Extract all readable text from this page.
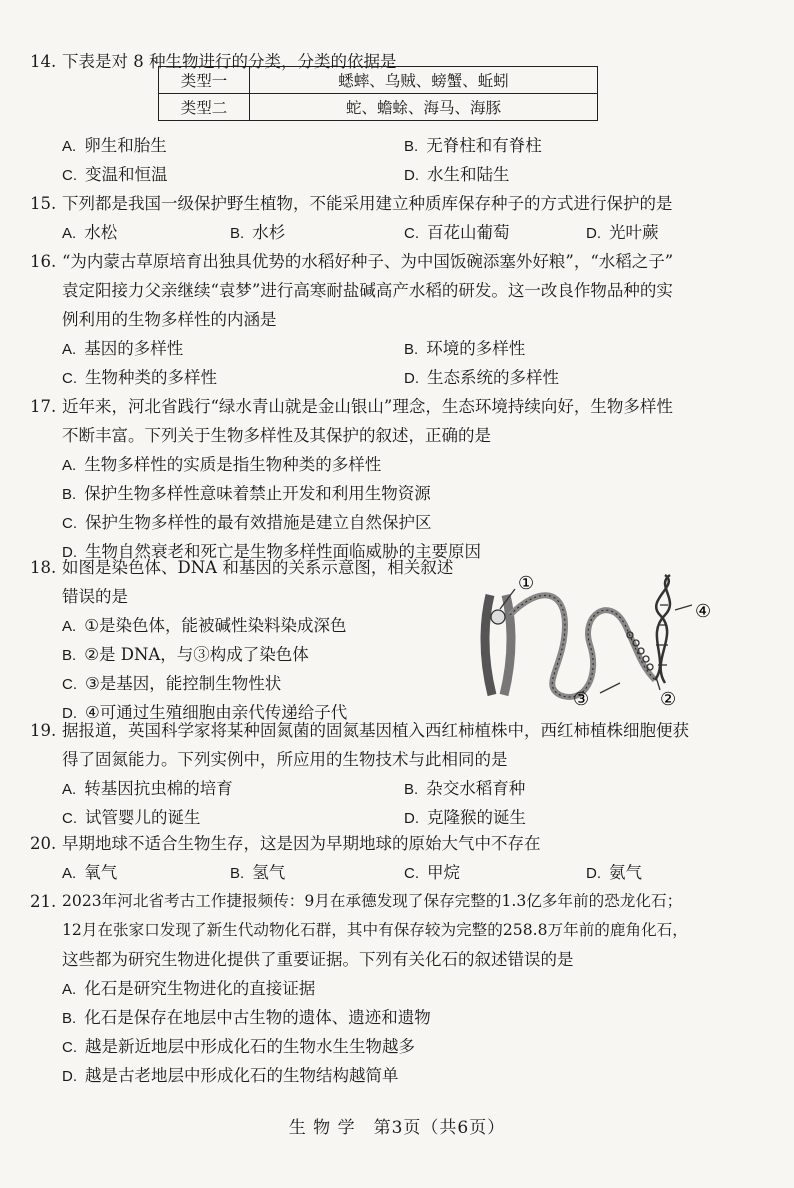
14. 下表是对 8 种生物进行的分类，分类的依据是
类型一	蟋蟀、乌贼、螃蟹、蚯蚓
类型二	蛇、蟾蜍、海马、海豚
A. 卵生和胎生	B. 无脊柱和有脊柱
C. 变温和恒温	D. 水生和陆生
15. 下列都是我国一级保护野生植物，不能采用建立种质库保存种子的方式进行保护的是
A. 水松	B. 水杉	C. 百花山葡萄	D. 光叶蕨
16. “为内蒙古草原培育出独具优势的水稻好种子、为中国饭碗添塞外好粮”，“水稻之子”
袁定阳接力父亲继续“袁梦”进行高寒耐盐碱高产水稻的研发。这一改良作物品种的实
例利用的生物多样性的内涵是
A. 基因的多样性	B. 环境的多样性
C. 生物种类的多样性	D. 生态系统的多样性
17. 近年来，河北省践行“绿水青山就是金山银山”理念，生态环境持续向好，生物多样性
不断丰富。下列关于生物多样性及其保护的叙述，正确的是
A. 生物多样性的实质是指生物种类的多样性
B. 保护生物多样性意味着禁止开发和利用生物资源
C. 保护生物多样性的最有效措施是建立自然保护区
D. 生物自然衰老和死亡是生物多样性面临威胁的主要原因
18. 如图是染色体、DNA 和基因的关系示意图，相关叙述
错误的是
A. ①是染色体，能被碱性染料染成深色
B. ②是 DNA，与③构成了染色体
C. ③是基因，能控制生物性状
D. ④可通过生殖细胞由亲代传递给子代
①
②
③
④
19. 据报道，英国科学家将某种固氮菌的固氮基因植入西红柿植株中，西红柿植株细胞便获
得了固氮能力。下列实例中，所应用的生物技术与此相同的是
A. 转基因抗虫棉的培育	B. 杂交水稻育种
C. 试管婴儿的诞生	D. 克隆猴的诞生
20. 早期地球不适合生物生存，这是因为早期地球的原始大气中不存在
A. 氧气	B. 氢气	C. 甲烷	D. 氨气
21. 2023年河北省考古工作捷报频传：9月在承德发现了保存完整的1.3亿多年前的恐龙化石；
12月在张家口发现了新生代动物化石群，其中有保存较为完整的258.8万年前的鹿角化石，
这些都为研究生物进化提供了重要证据。下列有关化石的叙述错误的是
A. 化石是研究生物进化的直接证据
B. 化石是保存在地层中古生物的遗体、遗迹和遗物
C. 越是新近地层中形成化石的生物水生生物越多
D. 越是古老地层中形成化石的生物结构越简单
生 物 学　第3页（共6页）
